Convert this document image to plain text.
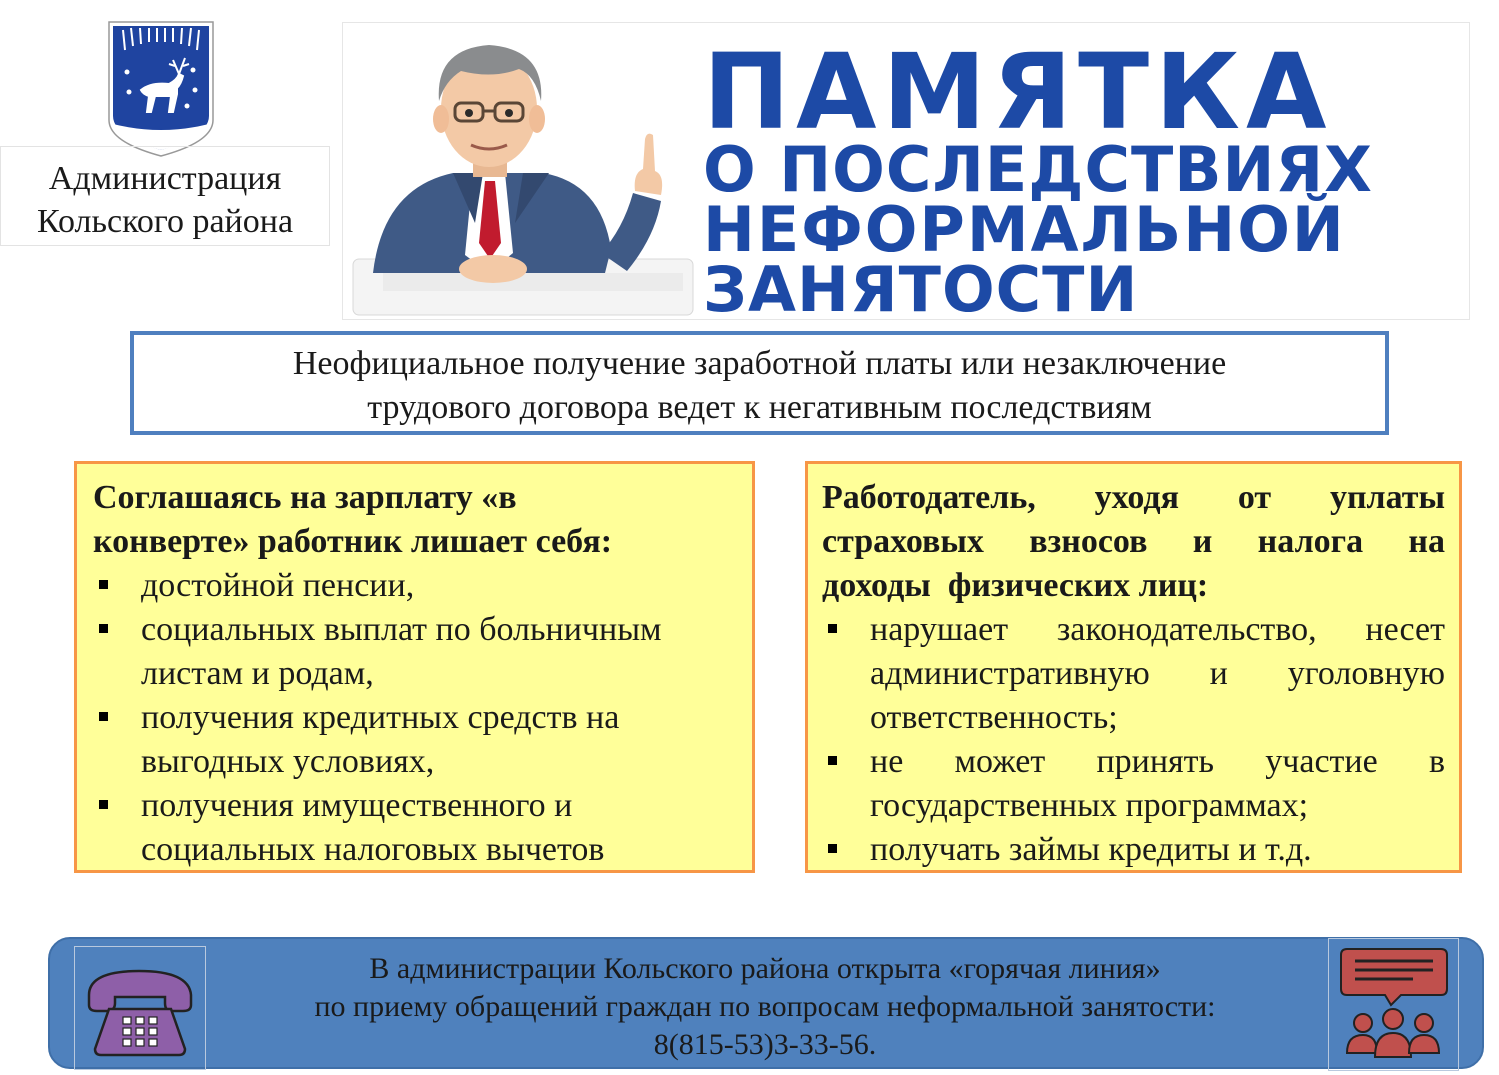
Администрация
Кольского района
ПАМЯТКА
О ПОСЛЕДСТВИЯХ
НЕФОРМАЛЬНОЙ
ЗАНЯТОСТИ
Неофициальное получение заработной платы или незаключение
трудового договора ведет к негативным последствиям
Соглашаясь на зарплату «в
конверте» работник лишает себя:
достойной пенсии,
социальных выплат по больничным листам и родам,
получения кредитных средств на выгодных условиях,
получения имущественного и социальных налоговых вычетов
Работодатель, уходя от уплаты
страховых взносов и налога на
доходы  физических лиц:
нарушает законодательство, несет административную и уголовную ответственность;
не может принять участие в государственных программах;
получать займы кредиты и т.д.
В администрации Кольского района открыта «горячая линия»
по приему обращений граждан по вопросам неформальной занятости:
8(815-53)3-33-56.
